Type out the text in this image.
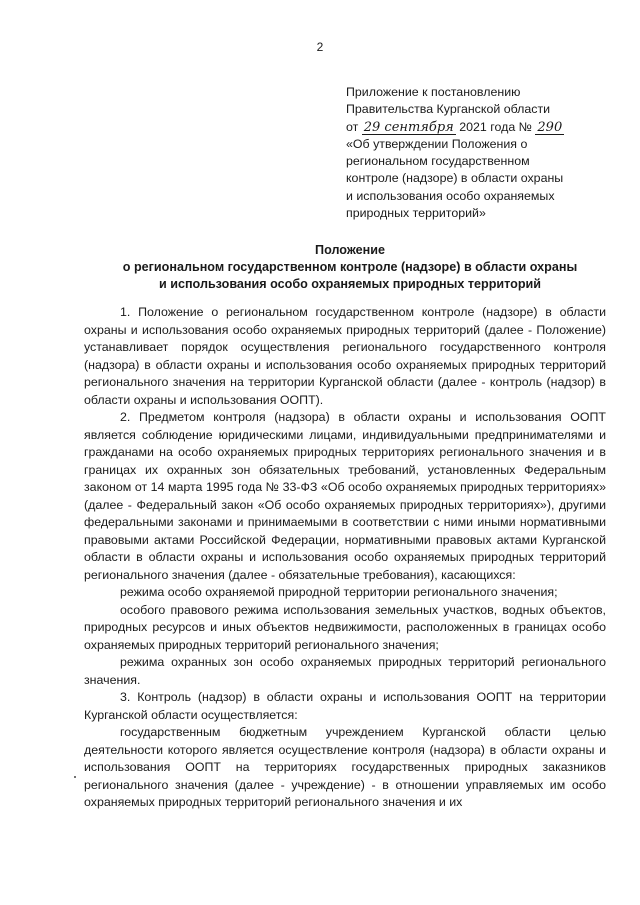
2
Приложение к постановлению
Правительства Курганской области
от 29 сентября 2021 года № 290
«Об утверждении Положения о
региональном государственном
контроле (надзоре) в области охраны
и использования особо охраняемых
природных территорий»
Положение
о региональном государственном контроле (надзоре) в области охраны
и использования особо охраняемых природных территорий

1. Положение о региональном государственном контроле (надзоре) в области охраны и использования особо охраняемых природных территорий (далее - Положение) устанавливает порядок осуществления регионального государственного контроля (надзора) в области охраны и использования особо охраняемых природных территорий регионального значения на территории Курганской области (далее - контроль (надзор) в области охраны и использования ООПТ).

2. Предметом контроля (надзора) в области охраны и использования ООПТ является соблюдение юридическими лицами, индивидуальными предпринимателями и гражданами на особо охраняемых природных территориях регионального значения и в границах их охранных зон обязательных требований, установленных Федеральным законом от 14 марта 1995 года № 33-ФЗ «Об особо охраняемых природных территориях» (далее - Федеральный закон «Об особо охраняемых природных территориях»), другими федеральными законами и принимаемыми в соответствии с ними иными нормативными правовыми актами Российской Федерации, нормативными правовых актами Курганской области в области охраны и использования особо охраняемых природных территорий регионального значения (далее - обязательные требования), касающихся:

режима особо охраняемой природной территории регионального значения;

особого правового режима использования земельных участков, водных объектов, природных ресурсов и иных объектов недвижимости, расположенных в границах особо охраняемых природных территорий регионального значения;

режима охранных зон особо охраняемых природных территорий регионального значения.

3. Контроль (надзор) в области охраны и использования ООПТ на территории Курганской области осуществляется:

государственным бюджетным учреждением Курганской области целью деятельности которого является осуществление контроля (надзора) в области охраны и использования ООПТ на территориях государственных природных заказников регионального значения (далее - учреждение) - в отношении управляемых им особо охраняемых природных территорий регионального значения и их
